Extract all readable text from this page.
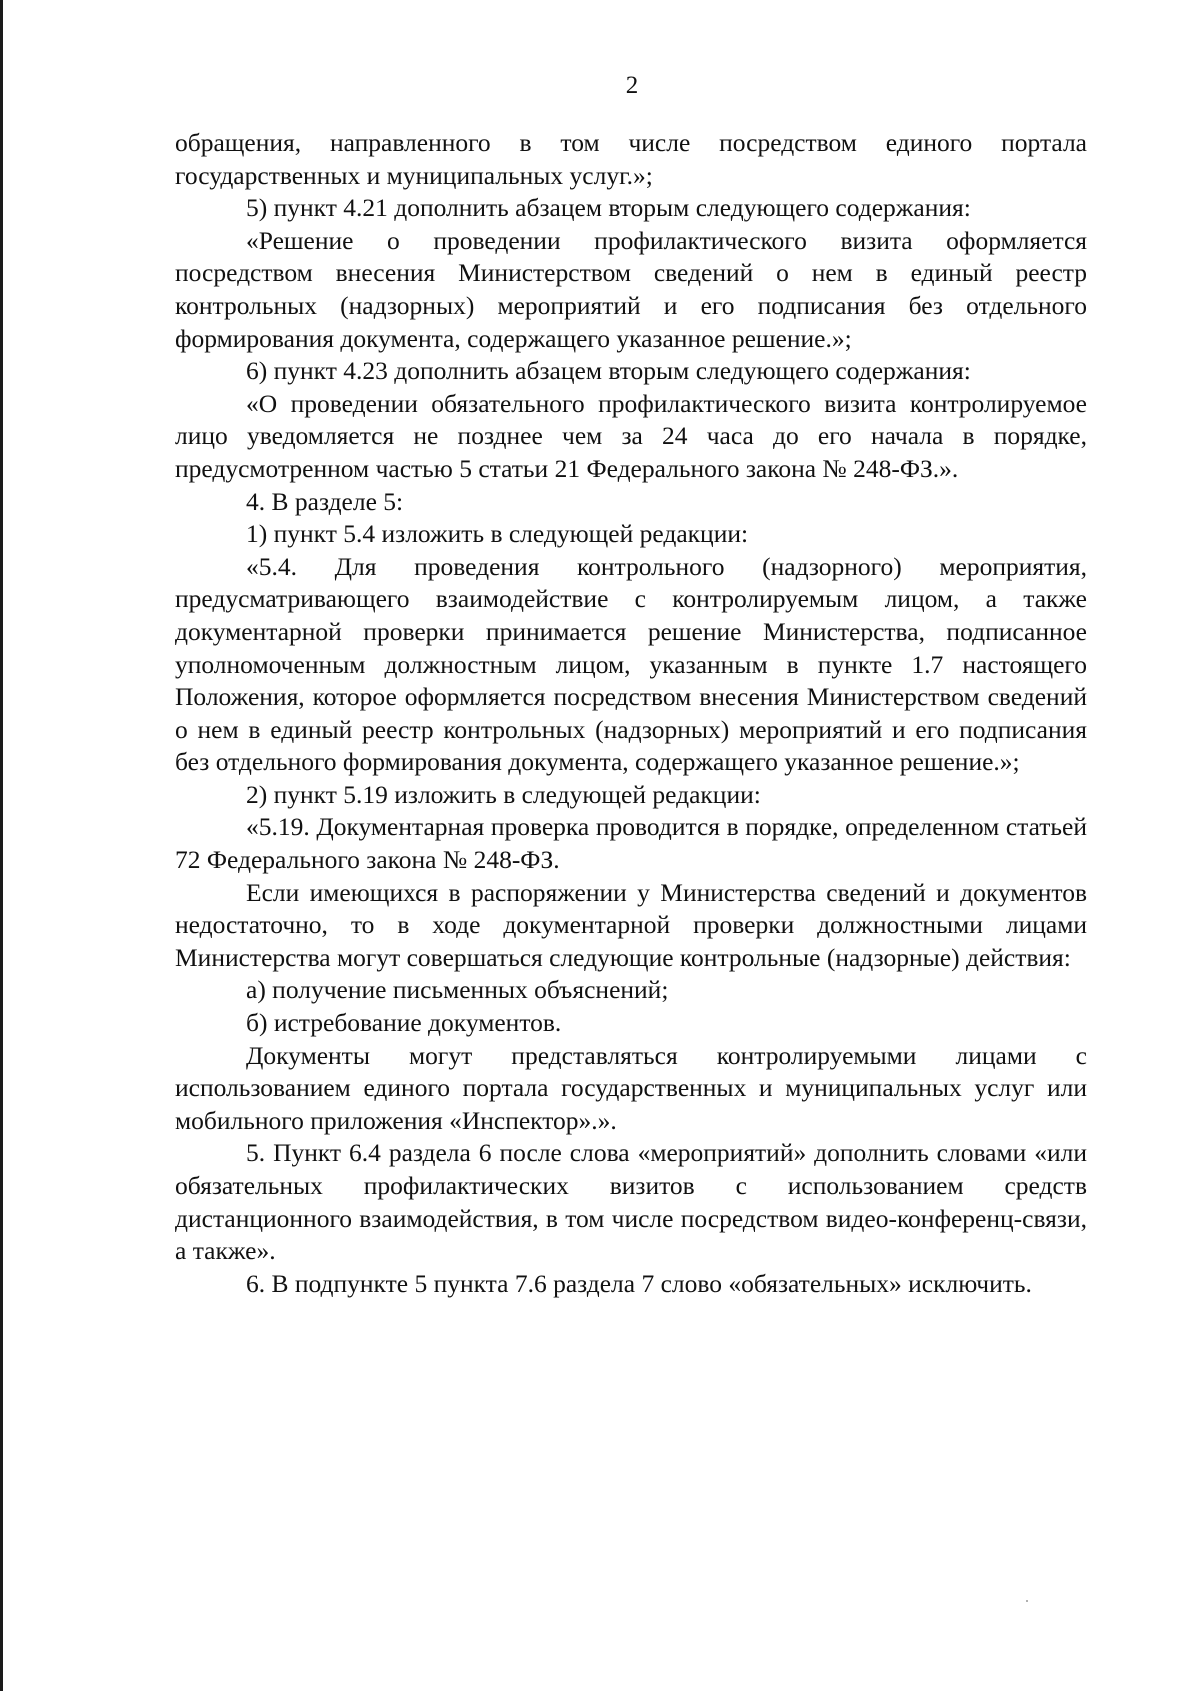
2

обращения, направленного в том числе посредством единого портала государственных и муниципальных услуг.»;

5) пункт 4.21 дополнить абзацем вторым следующего содержания:

«Решение о проведении профилактического визита оформляется посредством внесения Министерством сведений о нем в единый реестр контрольных (надзорных) мероприятий и его подписания без отдельного формирования документа, содержащего указанное решение.»;

6) пункт 4.23 дополнить абзацем вторым следующего содержания:

«О проведении обязательного профилактического визита контролируемое лицо уведомляется не позднее чем за 24 часа до его начала в порядке, предусмотренном частью 5 статьи 21 Федерального закона № 248-ФЗ.».

4. В разделе 5:

1) пункт 5.4 изложить в следующей редакции:

«5.4. Для проведения контрольного (надзорного) мероприятия, предусматривающего взаимодействие с контролируемым лицом, а также документарной проверки принимается решение Министерства, подписанное уполномоченным должностным лицом, указанным в пункте 1.7 настоящего Положения, которое оформляется посредством внесения Министерством сведений о нем в единый реестр контрольных (надзорных) мероприятий и его подписания без отдельного формирования документа, содержащего указанное решение.»;

2) пункт 5.19 изложить в следующей редакции:

«5.19. Документарная проверка проводится в порядке, определенном статьей 72 Федерального закона № 248-ФЗ.

Если имеющихся в распоряжении у Министерства сведений и документов недостаточно, то в ходе документарной проверки должностными лицами Министерства могут совершаться следующие контрольные (надзорные) действия:

а) получение письменных объяснений;

б) истребование документов.

Документы могут представляться контролируемыми лицами с использованием единого портала государственных и муниципальных услуг или мобильного приложения «Инспектор».».

5. Пункт 6.4 раздела 6 после слова «мероприятий» дополнить словами «или обязательных профилактических визитов с использованием средств дистанционного взаимодействия, в том числе посредством видео-конференц-связи, а также».

6. В подпункте 5 пункта 7.6 раздела 7 слово «обязательных» исключить.
